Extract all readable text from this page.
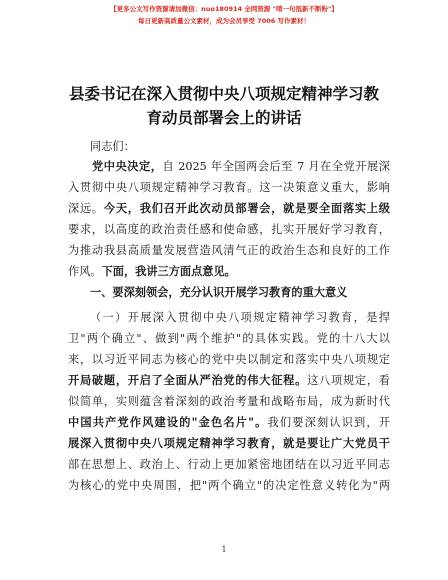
【更多公文写作资源请加微信：nuo180914 全网资源 "啃一句抵新不断粉"】
每日更新高质量公文素材，成为会员享受 7006 写作素材！
县委书记在深入贯彻中央八项规定精神学习教
育动员部署会上的讲话
同志们：
党中央决定，自 2025 年全国两会后至 7 月在全党开展深
入贯彻中央八项规定精神学习教育。这一决策意义重大，影响
深远。今天，我们召开此次动员部署会，就是要全面落实上级
要求，以高度的政治责任感和使命感，扎实开展好学习教育，
为推动我县高质量发展营造风清气正的政治生态和良好的工作
作风。下面，我讲三方面点意见。
一、要深刻领会，充分认识开展学习教育的重大意义
（一）开展深入贯彻中央八项规定精神学习教育，是捍
卫"两个确立"、做到"两个维护"的具体实践。党的十八大以
来，以习近平同志为核心的党中央以制定和落实中央八项规定
开局破题，开启了全面从严治党的伟大征程。这八项规定，看
似简单，实则蕴含着深刻的政治考量和战略布局，成为新时代
中国共产党作风建设的"金色名片"。我们要深刻认识到，开
展深入贯彻中央八项规定精神学习教育，就是要让广大党员干
部在思想上、政治上、行动上更加紧密地团结在以习近平同志
为核心的党中央周围，把"两个确立"的决定性意义转化为"两
1
